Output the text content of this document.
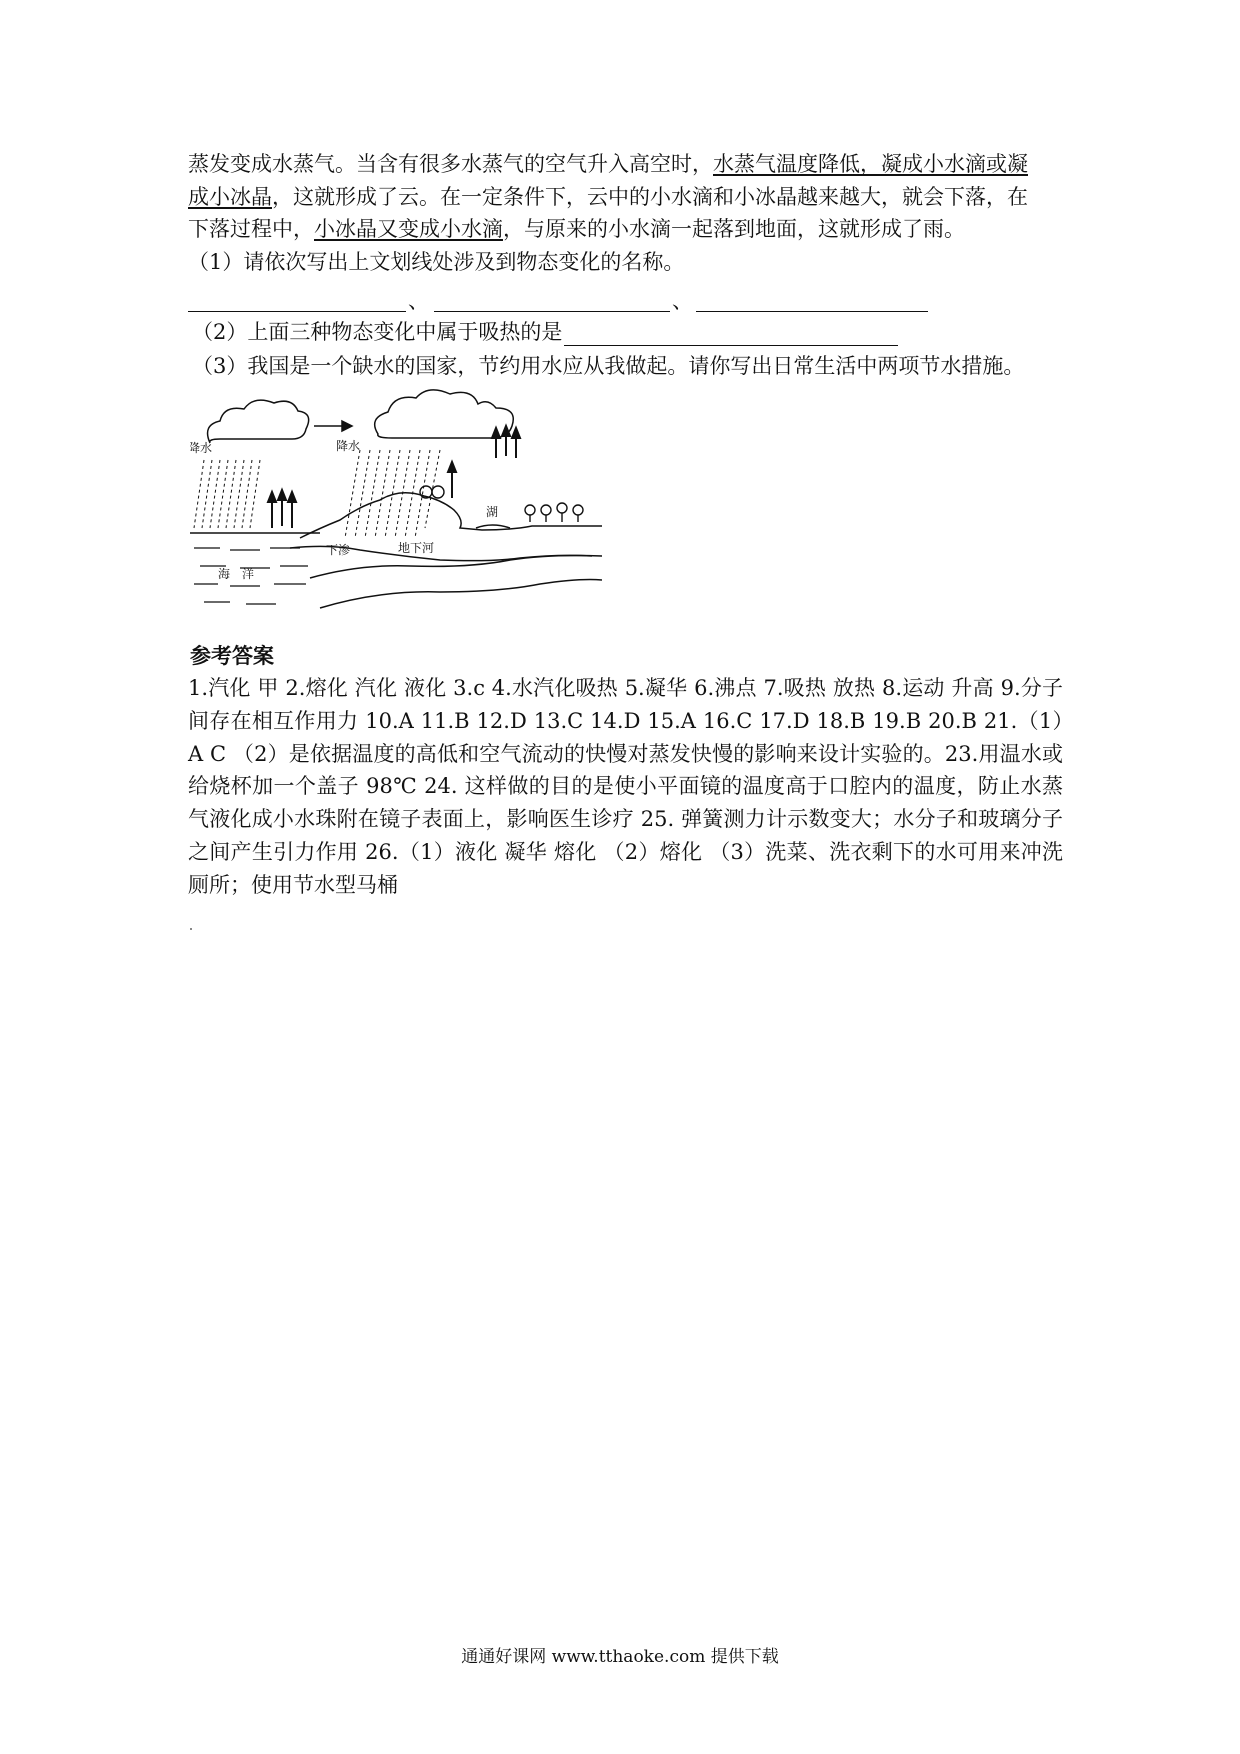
蒸发变成水蒸气。当含有很多水蒸气的空气升入高空时，水蒸气温度降低，凝成小水滴或凝
成小冰晶，这就形成了云。在一定条件下，云中的小水滴和小冰晶越来越大，就会下落，在
下落过程中，小冰晶又变成小水滴，与原来的小水滴一起落到地面，这就形成了雨。
（1）请依次写出上文划线处涉及到物态变化的名称。
、	、
（2）上面三种物态变化中属于吸热的是
（3）我国是一个缺水的国家，节约用水应从我做起。请你写出日常生活中两项节水措施。
降水	降水
海　洋
下渗	地下河
湖
参考答案
1.汽化 甲 2.熔化 汽化 液化 3.c 4.水汽化吸热 5.凝华 6.沸点 7.吸热 放热 8.运动 升高 9.分子间存在相互作用力 10.A 11.B 12.D 13.C 14.D 15.A 16.C 17.D 18.B 19.B 20.B 21.（1）A C （2）是依据温度的高低和空气流动的快慢对蒸发快慢的影响来设计实验的。23.用温水或给烧杯加一个盖子 98℃ 24. 这样做的目的是使小平面镜的温度高于口腔内的温度，防止水蒸气液化成小水珠附在镜子表面上，影响医生诊疗 25. 弹簧测力计示数变大；水分子和玻璃分子之间产生引力作用 26.（1）液化 凝华 熔化 （2）熔化 （3）洗菜、洗衣剩下的水可用来冲洗厕所；使用节水型马桶
通通好课网 www.tthaoke.com 提供下载
